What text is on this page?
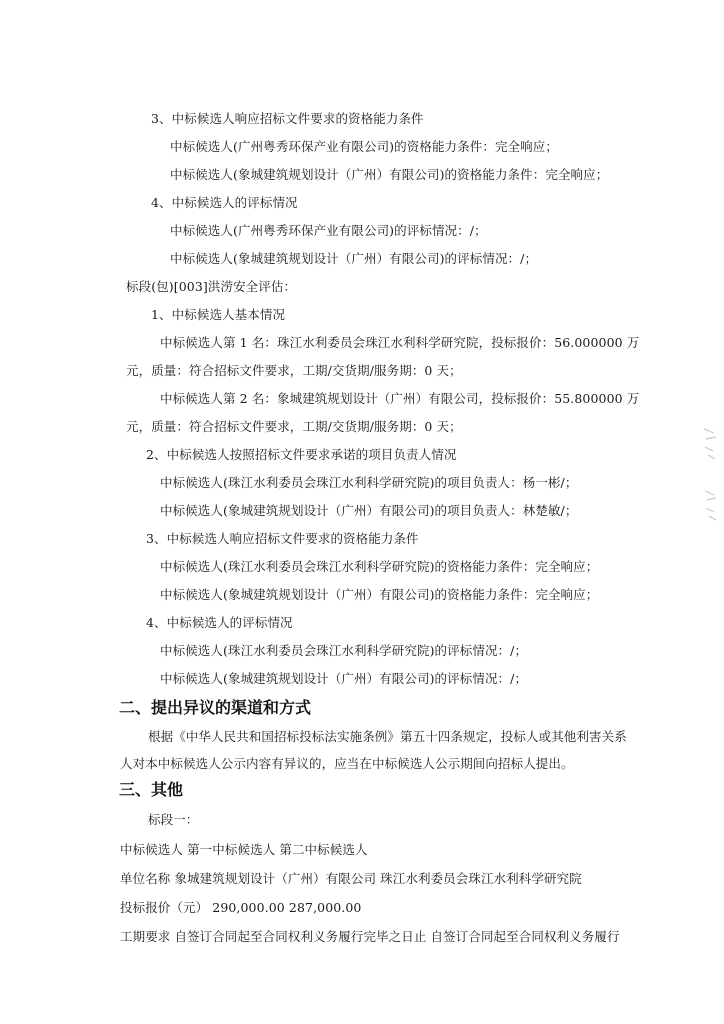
3、中标候选人响应招标文件要求的资格能力条件
中标候选人(广州粤秀环保产业有限公司)的资格能力条件：完全响应；
中标候选人(象城建筑规划设计（广州）有限公司)的资格能力条件：完全响应；
4、中标候选人的评标情况
中标候选人(广州粤秀环保产业有限公司)的评标情况：/；
中标候选人(象城建筑规划设计（广州）有限公司)的评标情况：/；
标段(包)[003]洪涝安全评估：
1、中标候选人基本情况
中标候选人第 1 名：珠江水利委员会珠江水利科学研究院，投标报价：56.000000 万
元，质量：符合招标文件要求，工期/交货期/服务期：0 天；
中标候选人第 2 名：象城建筑规划设计（广州）有限公司，投标报价：55.800000 万
元，质量：符合招标文件要求，工期/交货期/服务期：0 天；
2、中标候选人按照招标文件要求承诺的项目负责人情况
中标候选人(珠江水利委员会珠江水利科学研究院)的项目负责人：杨一彬/；
中标候选人(象城建筑规划设计（广州）有限公司)的项目负责人：林楚敏/；
3、中标候选人响应招标文件要求的资格能力条件
中标候选人(珠江水利委员会珠江水利科学研究院)的资格能力条件：完全响应；
中标候选人(象城建筑规划设计（广州）有限公司)的资格能力条件：完全响应；
4、中标候选人的评标情况
中标候选人(珠江水利委员会珠江水利科学研究院)的评标情况：/；
中标候选人(象城建筑规划设计（广州）有限公司)的评标情况：/；
二、提出异议的渠道和方式
根据《中华人民共和国招标投标法实施条例》第五十四条规定，投标人或其他利害关系
人对本中标候选人公示内容有异议的，应当在中标候选人公示期间向招标人提出。
三、其他
标段一：
中标候选人 第一中标候选人 第二中标候选人
单位名称 象城建筑规划设计（广州）有限公司 珠江水利委员会珠江水利科学研究院
投标报价（元） 290,000.00 287,000.00
工期要求 自签订合同起至合同权利义务履行完毕之日止 自签订合同起至合同权利义务履行
